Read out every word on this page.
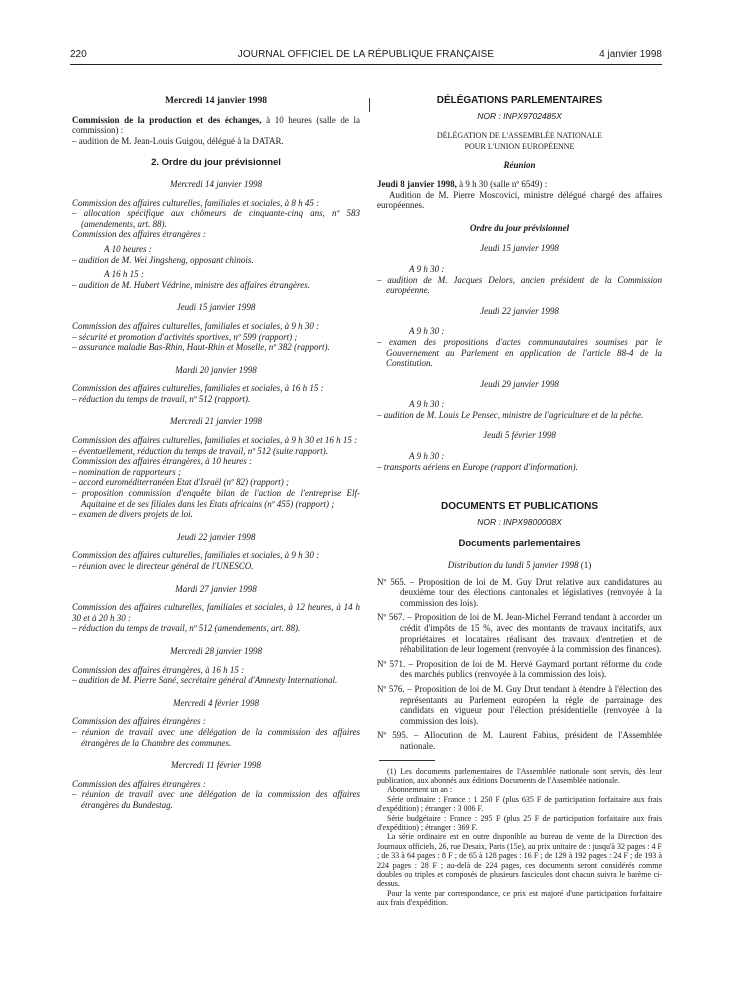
220	JOURNAL OFFICIEL DE LA RÉPUBLIQUE FRANÇAISE	4 janvier 1998
Mercredi 14 janvier 1998
Commission de la production et des échanges, à 10 heures (salle de la commission) :
– audition de M. Jean-Louis Guigou, délégué à la DATAR.
2. Ordre du jour prévisionnel
Mercredi 14 janvier 1998
Commission des affaires culturelles, familiales et sociales, à 8 h 45 :
– allocation spécifique aux chômeurs de cinquante-cinq ans, nº 583 (amendements, art. 88).
Commission des affaires étrangères :
A 10 heures :
– audition de M. Wei Jingsheng, opposant chinois.
A 16 h 15 :
– audition de M. Hubert Védrine, ministre des affaires étrangères.
Jeudi 15 janvier 1998
Commission des affaires culturelles, familiales et sociales, à 9 h 30 :
– sécurité et promotion d'activités sportives, nº 599 (rapport) ;
– assurance maladie Bas-Rhin, Haut-Rhin et Moselle, nº 382 (rapport).
Mardi 20 janvier 1998
Commission des affaires culturelles, familiales et sociales, à 16 h 15 :
– réduction du temps de travail, nº 512 (rapport).
Mercredi 21 janvier 1998
Commission des affaires culturelles, familiales et sociales, à 9 h 30 et 16 h 15 :
– éventuellement, réduction du temps de travail, nº 512 (suite rapport).
Commission des affaires étrangères, à 10 heures :
– nomination de rapporteurs ;
– accord euroméditerranéen Etat d'Israël (nº 82) (rapport) ;
– proposition commission d'enquête bilan de l'action de l'entreprise Elf-Aquitaine et de ses filiales dans les Etats africains (nº 455) (rapport) ;
– examen de divers projets de loi.
Jeudi 22 janvier 1998
Commission des affaires culturelles, familiales et sociales, à 9 h 30 :
– réunion avec le directeur général de l'UNESCO.
Mardi 27 janvier 1998
Commission des affaires culturelles, familiales et sociales, à 12 heures, à 14 h 30 et à 20 h 30 :
– réduction du temps de travail, nº 512 (amendements, art. 88).
Mercredi 28 janvier 1998
Commission des affaires étrangères, à 16 h 15 :
– audition de M. Pierre Sané, secrétaire général d'Amnesty International.
Mercredi 4 février 1998
Commission des affaires étrangères :
– réunion de travail avec une délégation de la commission des affaires étrangères de la Chambre des communes.
Mercredi 11 février 1998
Commission des affaires étrangères :
– réunion de travail avec une délégation de la commission des affaires étrangères du Bundestag.
DÉLÉGATIONS PARLEMENTAIRES
NOR : INPX9702485X
DÉLÉGATION DE L'ASSEMBLÉE NATIONALE
POUR L'UNION EUROPÉENNE
Réunion
Jeudi 8 janvier 1998, à 9 h 30 (salle nº 6549) :
Audition de M. Pierre Moscovici, ministre délégué chargé des affaires européennes.
Ordre du jour prévisionnel
Jeudi 15 janvier 1998
A 9 h 30 :
– audition de M. Jacques Delors, ancien président de la Commission européenne.
Jeudi 22 janvier 1998
A 9 h 30 :
– examen des propositions d'actes communautaires soumises par le Gouvernement au Parlement en application de l'article 88-4 de la Constitution.
Jeudi 29 janvier 1998
A 9 h 30 :
– audition de M. Louis Le Pensec, ministre de l'agriculture et de la pêche.
Jeudi 5 février 1998
A 9 h 30 :
– transports aériens en Europe (rapport d'information).
DOCUMENTS ET PUBLICATIONS
NOR : INPX9800008X
Documents parlementaires
Distribution du lundi 5 janvier 1998 (1)
Nº 565. – Proposition de loi de M. Guy Drut relative aux candidatures au deuxième tour des élections cantonales et législatives (renvoyée à la commission des lois).
Nº 567. – Proposition de loi de M. Jean-Michel Ferrand tendant à accorder un crédit d'impôts de 15 %, avec des montants de travaux incitatifs, aux propriétaires et locataires réalisant des travaux d'entretien et de réhabilitation de leur logement (renvoyée à la commission des finances).
Nº 571. – Proposition de loi de M. Hervé Gaymard portant réforme du code des marchés publics (renvoyée à la commission des lois).
Nº 576. – Proposition de loi de M. Guy Drut tendant à étendre à l'élection des représentants au Parlement européen la règle de parrainage des candidats en vigueur pour l'élection présidentielle (renvoyée à la commission des lois).
Nº 595. – Allocution de M. Laurent Fabius, président de l'Assemblée nationale.
(1) Les documents parlementaires de l'Assemblée nationale sont servis, dès leur publication, aux abonnés aux éditions Documents de l'Assemblée nationale.
Abonnement un an :
Série ordinaire : France : 1 250 F (plus 635 F de participation forfaitaire aux frais d'expédition) ; étranger : 3 006 F.
Série budgétaire : France : 295 F (plus 25 F de participation forfaitaire aux frais d'expédition) ; étranger : 369 F.
La série ordinaire est en outre disponible au bureau de vente de la Direction des Journaux officiels, 26, rue Desaix, Paris (15e), au prix unitaire de : jusqu'à 32 pages : 4 F ; de 33 à 64 pages : 8 F ; de 65 à 128 pages : 16 F ; de 129 à 192 pages : 24 F ; de 193 à 224 pages : 28 F ; au-delà de 224 pages, ces documents seront considérés comme doubles ou triples et composés de plusieurs fascicules dont chacun suivra le barème ci-dessus.
Pour la vente par correspondance, ce prix est majoré d'une participation forfaitaire aux frais d'expédition.
